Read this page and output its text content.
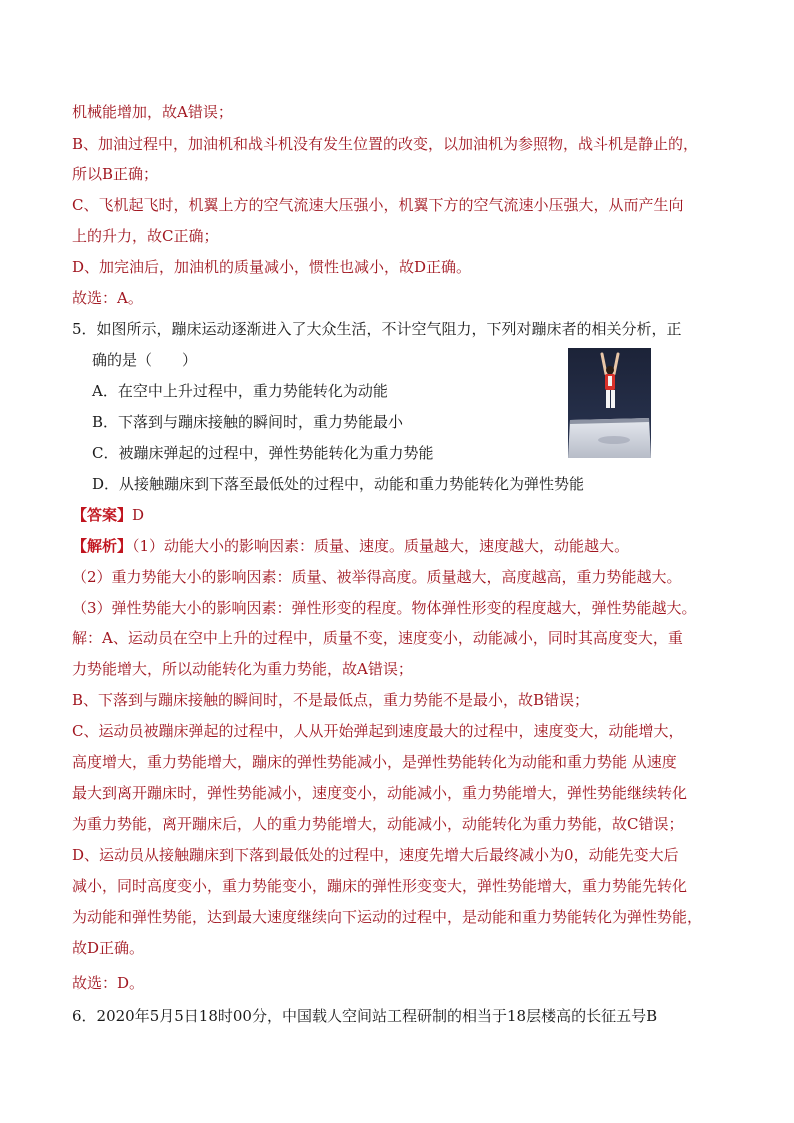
机械能增加，故A错误；
B、加油过程中，加油机和战斗机没有发生位置的改变，以加油机为参照物，战斗机是静止的，
所以B正确；
C、飞机起飞时，机翼上方的空气流速大压强小，机翼下方的空气流速小压强大，从而产生向
上的升力，故C正确；
D、加完油后，加油机的质量减小，惯性也减小，故D正确。
故选：A。
5．如图所示，蹦床运动逐渐进入了大众生活，不计空气阻力，下列对蹦床者的相关分析，正
确的是（　　）
A．在空中上升过程中，重力势能转化为动能
B．下落到与蹦床接触的瞬间时，重力势能最小
C．被蹦床弹起的过程中，弹性势能转化为重力势能
D．从接触蹦床到下落至最低处的过程中，动能和重力势能转化为弹性势能
【答案】D
【解析】（1）动能大小的影响因素：质量、速度。质量越大，速度越大，动能越大。
（2）重力势能大小的影响因素：质量、被举得高度。质量越大，高度越高，重力势能越大。
（3）弹性势能大小的影响因素：弹性形变的程度。物体弹性形变的程度越大，弹性势能越大。
解：A、运动员在空中上升的过程中，质量不变，速度变小，动能减小，同时其高度变大，重
力势能增大，所以动能转化为重力势能，故A错误；
B、下落到与蹦床接触的瞬间时，不是最低点，重力势能不是最小，故B错误；
C、运动员被蹦床弹起的过程中，人从开始弹起到速度最大的过程中，速度变大，动能增大，
高度增大，重力势能增大，蹦床的弹性势能减小，是弹性势能转化为动能和重力势能 从速度
最大到离开蹦床时，弹性势能减小，速度变小，动能减小，重力势能增大，弹性势能继续转化
为重力势能，离开蹦床后，人的重力势能增大，动能减小，动能转化为重力势能，故C错误；
D、运动员从接触蹦床到下落到最低处的过程中，速度先增大后最终减小为0，动能先变大后
减小，同时高度变小，重力势能变小，蹦床的弹性形变变大，弹性势能增大，重力势能先转化
为动能和弹性势能，达到最大速度继续向下运动的过程中，是动能和重力势能转化为弹性势能，
故D正确。
故选：D。
6．2020年5月5日18时00分，中国载人空间站工程研制的相当于18层楼高的长征五号B
